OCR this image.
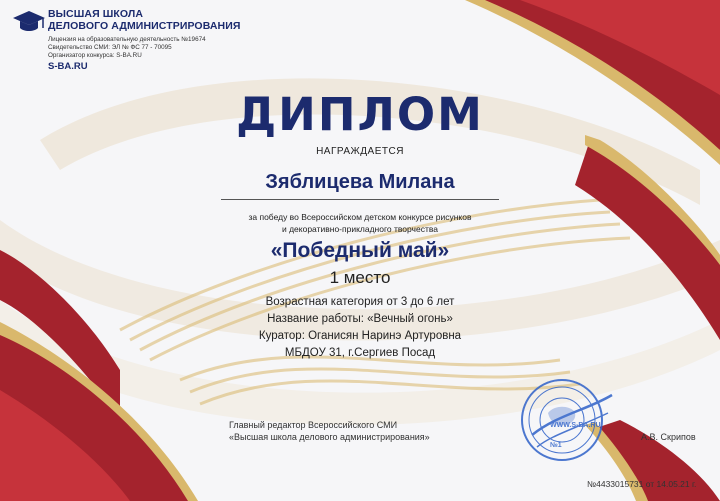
ВЫСШАЯ ШКОЛА
ДЕЛОВОГО АДМИНИСТРИРОВАНИЯ
Лицензия на образовательную деятельность №19674
Свидетельство СМИ: ЭЛ № ФС 77 - 70095
Организатор конкурса: S-BA.RU
S-BA.RU
ДИПЛОМ
НАГРАЖДАЕТСЯ
Зяблицева Милана
за победу во Всероссийском детском конкурсе рисунков
и декоративно-прикладного творчества
«Победный май»
1 место
Возрастная категория от 3 до 6 лет
Название работы: «Вечный огонь»
Куратор: Оганисян Наринэ Артуровна
МБДОУ 31, г.Сергиев Посад
Главный редактор Всероссийского СМИ
«Высшая школа делового администрирования»	А.В. Скрипов
№4433015731 от 14.05.21 г.
WWW.S-BA.RU
№1
